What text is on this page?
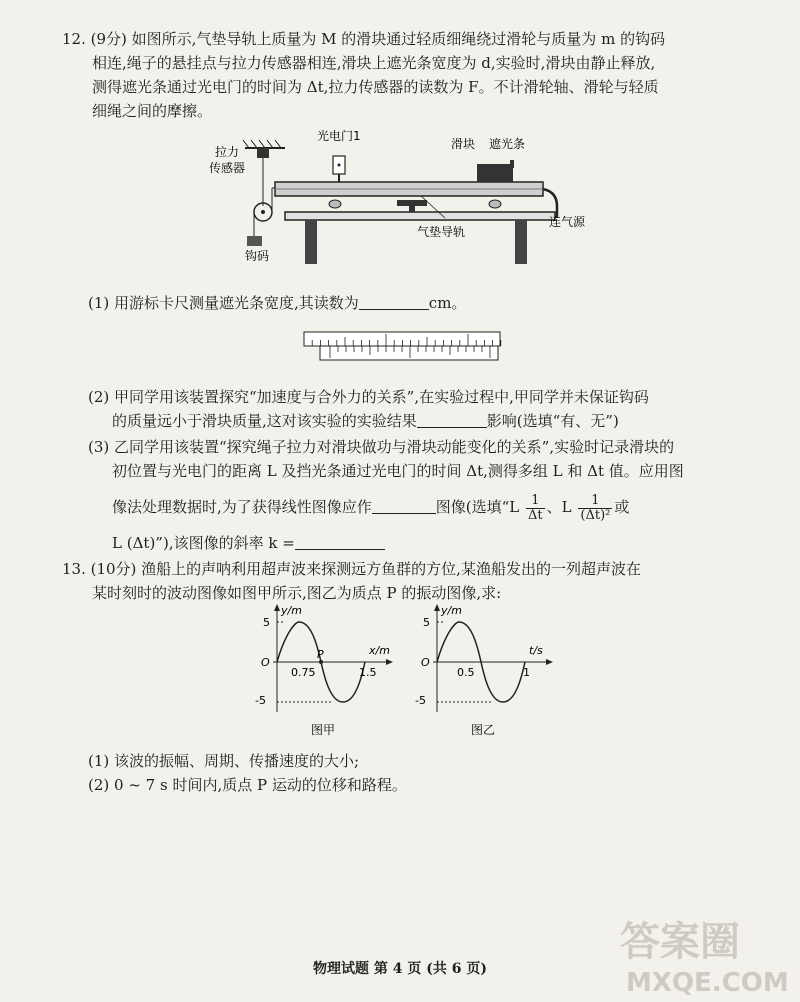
12. (9分) 如图所示,气垫导轨上质量为 M 的滑块通过轻质细绳绕过滑轮与质量为 m 的钩码
相连,绳子的悬挂点与拉力传感器相连,滑块上遮光条宽度为 d,实验时,滑块由静止释放,
测得遮光条通过光电门的时间为 Δt,拉力传感器的读数为 F。不计滑轮轴、滑轮与轻质
细绳之间的摩擦。
拉力
传感器
钩码
光电门1
滑块 遮光条
连气源
气垫导轨
(1) 用游标卡尺测量遮光条宽度,其读数为	cm。
(2) 甲同学用该装置探究“加速度与合外力的关系”,在实验过程中,甲同学并未保证钩码
的质量远小于滑块质量,这对该实验的实验结果	影响(选填“有、无”)
(3) 乙同学用该装置“探究绳子拉力对滑块做功与滑块动能变化的关系”,实验时记录滑块的
初位置与光电门的距离 L 及挡光条通过光电门的时间 Δt,测得多组 L 和 Δt 值。应用图
像法处理数据时,为了获得线性图像应作	图像(选填“$L \frac{1}{\Delta t}$ 、L $\frac{1}{\text{(Δt)²}}$ 或
L (Δt)”),该图像的斜率 k =
13. (10分) 渔船上的声呐利用超声波来探测远方鱼群的方位,某渔船发出的一列超声波在
某时刻时的波动图像如图甲所示,图乙为质点 P 的振动图像,求:
y/m
x/m
5
-5
O
P
0.75	1.5
图甲
y/m
t/s
5
-5
O
0.5	1
图乙
(1) 该波的振幅、周期、传播速度的大小;
(2) 0 ~ 7 s 时间内,质点 P 运动的位移和路程。
物理试题 第 4 页 (共 6 页)
答案圈
MXQE.COM
